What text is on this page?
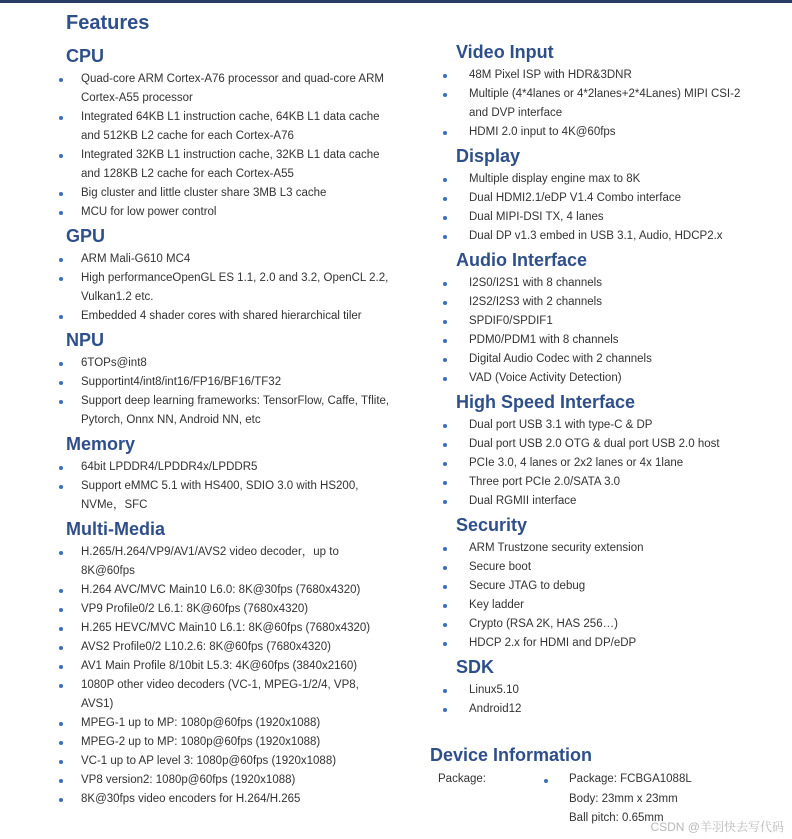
Features
CPU
Quad-core ARM Cortex-A76 processor and quad-core ARM Cortex-A55 processor
Integrated 64KB L1 instruction cache, 64KB L1 data cache and 512KB L2 cache for each Cortex-A76
Integrated 32KB L1 instruction cache, 32KB L1 data cache and 128KB L2 cache for each Cortex-A55
Big cluster and little cluster share 3MB L3 cache
MCU for low power control
GPU
ARM Mali-G610 MC4
High performanceOpenGL ES 1.1, 2.0 and 3.2, OpenCL 2.2, Vulkan1.2 etc.
Embedded 4 shader cores with shared hierarchical tiler
NPU
6TOPs@int8
Supportint4/int8/int16/FP16/BF16/TF32
Support deep learning frameworks: TensorFlow, Caffe, Tflite, Pytorch, Onnx NN, Android NN, etc
Memory
64bit LPDDR4/LPDDR4x/LPDDR5
Support eMMC 5.1 with HS400, SDIO 3.0 with HS200, NVMe，SFC
Multi-Media
H.265/H.264/VP9/AV1/AVS2 video decoder，up to 8K@60fps
H.264 AVC/MVC Main10 L6.0: 8K@30fps (7680x4320)
VP9 Profile0/2 L6.1: 8K@60fps (7680x4320)
H.265 HEVC/MVC Main10 L6.1: 8K@60fps (7680x4320)
AVS2 Profile0/2 L10.2.6: 8K@60fps (7680x4320)
AV1 Main Profile 8/10bit L5.3: 4K@60fps (3840x2160)
1080P other video decoders (VC-1, MPEG-1/2/4, VP8, AVS1)
MPEG-1 up to MP: 1080p@60fps (1920x1088)
MPEG-2 up to MP: 1080p@60fps (1920x1088)
VC-1 up to AP level 3: 1080p@60fps (1920x1088)
VP8 version2: 1080p@60fps (1920x1088)
8K@30fps video encoders for H.264/H.265
Video Input
48M Pixel ISP with HDR&3DNR
Multiple (4*4lanes or 4*2lanes+2*4Lanes) MIPI CSI-2 and DVP interface
HDMI 2.0 input to 4K@60fps
Display
Multiple display engine max to 8K
Dual HDMI2.1/eDP V1.4 Combo interface
Dual MIPI-DSI TX, 4 lanes
Dual DP v1.3 embed in USB 3.1, Audio, HDCP2.x
Audio Interface
I2S0/I2S1 with 8 channels
I2S2/I2S3 with 2 channels
SPDIF0/SPDIF1
PDM0/PDM1 with 8 channels
Digital Audio Codec with 2 channels
VAD (Voice Activity Detection)
High Speed Interface
Dual port USB 3.1 with type-C & DP
Dual port USB 2.0 OTG & dual port USB 2.0 host
PCIe 3.0, 4 lanes or 2x2 lanes or 4x 1lane
Three port PCIe 2.0/SATA 3.0
Dual RGMII interface
Security
ARM Trustzone security extension
Secure boot
Secure JTAG to debug
Key ladder
Crypto (RSA 2K, HAS 256…)
HDCP 2.x for HDMI and DP/eDP
SDK
Linux5.10
Android12
Device Information
Package:	Package: FCBGA1088L
Body: 23mm x 23mm
Ball pitch: 0.65mm
CSDN @羊羽快去写代码
